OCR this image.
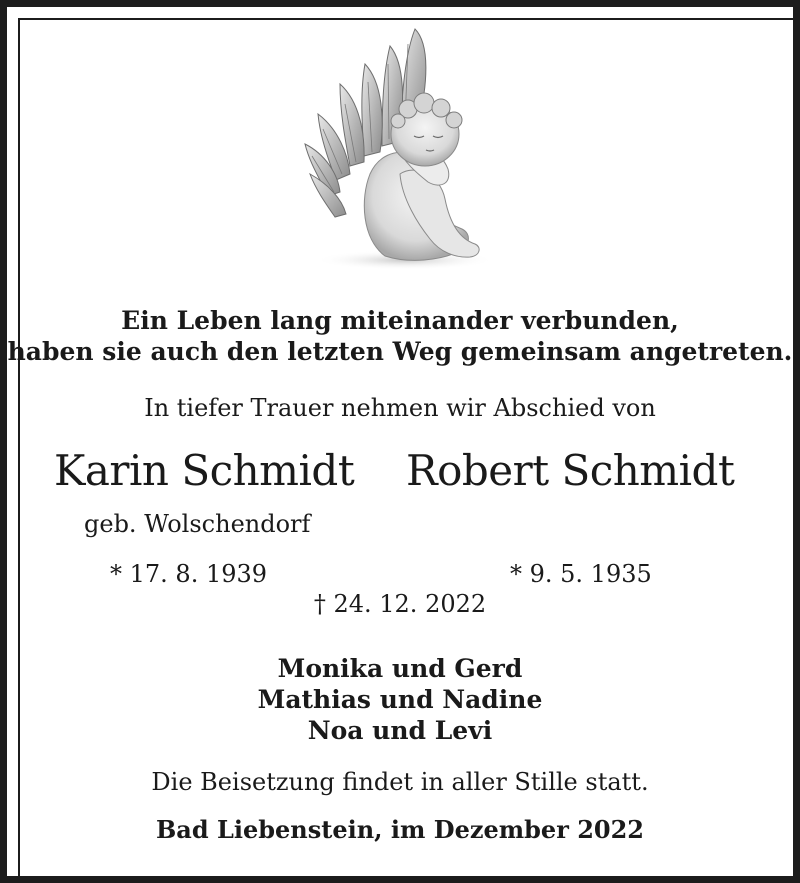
Ein Leben lang miteinander verbunden,
haben sie auch den letzten Weg gemeinsam angetreten.
In tiefer Trauer nehmen wir Abschied von
Karin Schmidt Robert Schmidt
geb. Wolschendorf
* 17. 8. 1939	* 9. 5. 1935
† 24. 12. 2022
Monika und Gerd
Mathias und Nadine
Noa und Levi
Die Beisetzung findet in aller Stille statt.
Bad Liebenstein, im Dezember 2022
